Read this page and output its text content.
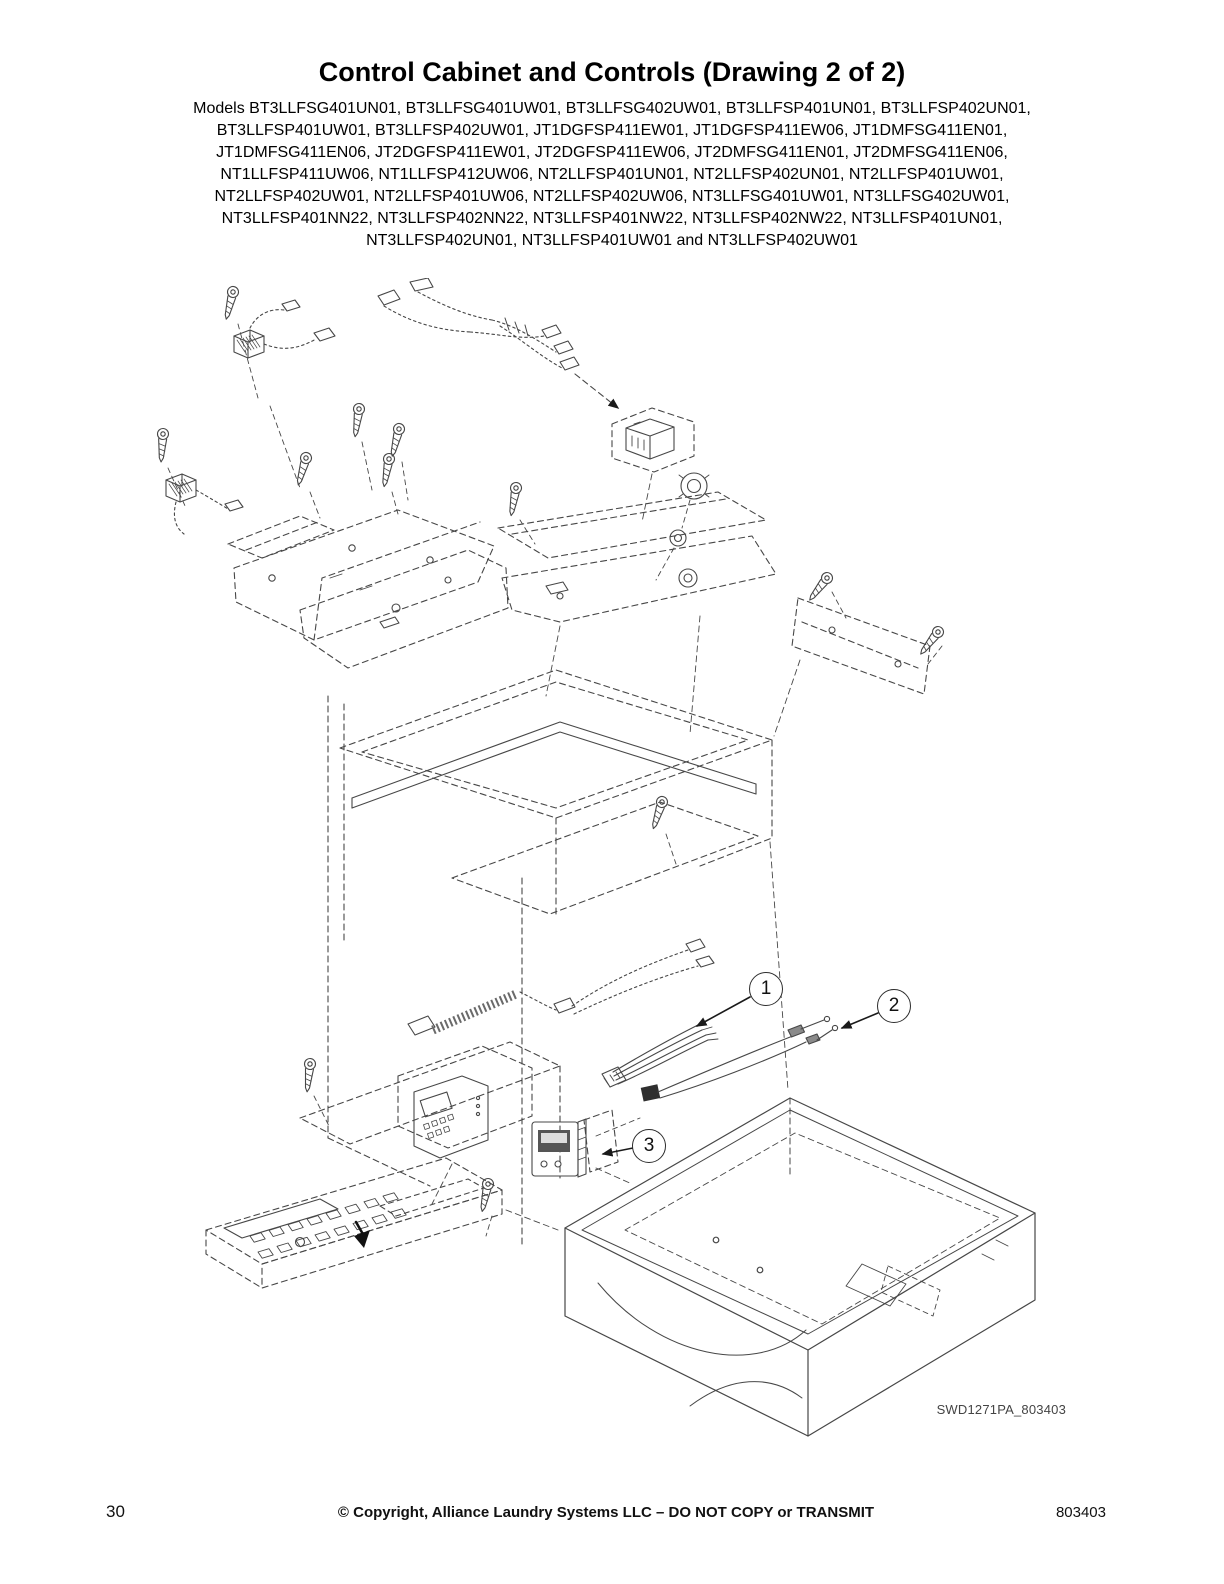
Control Cabinet and Controls (Drawing 2 of 2)
Models BT3LLFSG401UN01, BT3LLFSG401UW01, BT3LLFSG402UW01, BT3LLFSP401UN01, BT3LLFSP402UN01,
BT3LLFSP401UW01, BT3LLFSP402UW01, JT1DGFSP411EW01, JT1DGFSP411EW06, JT1DMFSG411EN01,
JT1DMFSG411EN06, JT2DGFSP411EW01, JT2DGFSP411EW06, JT2DMFSG411EN01, JT2DMFSG411EN06,
NT1LLFSP411UW06, NT1LLFSP412UW06, NT2LLFSP401UN01, NT2LLFSP402UN01, NT2LLFSP401UW01,
NT2LLFSP402UW01, NT2LLFSP401UW06, NT2LLFSP402UW06, NT3LLFSG401UW01, NT3LLFSG402UW01,
NT3LLFSP401NN22, NT3LLFSP402NN22, NT3LLFSP401NW22, NT3LLFSP402NW22, NT3LLFSP401UN01,
NT3LLFSP402UN01, NT3LLFSP401UW01 and NT3LLFSP402UW01
1
2
3
SWD1271PA_803403
30	© Copyright, Alliance Laundry Systems LLC – DO NOT COPY or TRANSMIT	803403
